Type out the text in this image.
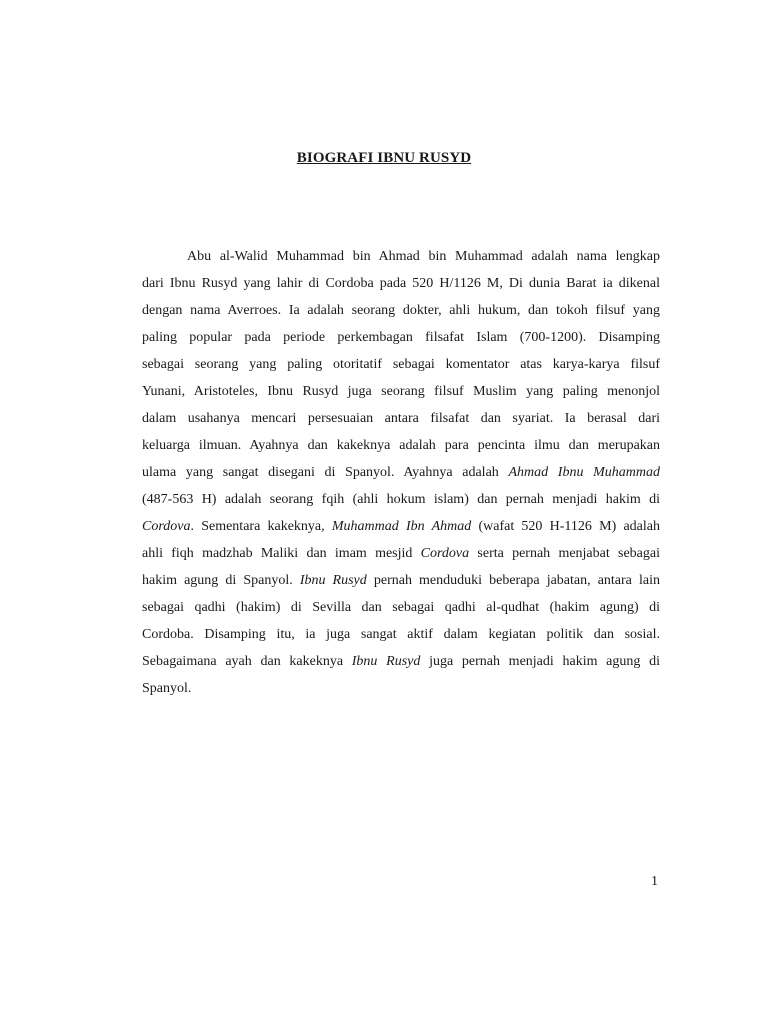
BIOGRAFI IBNU RUSYD
Abu al-Walid Muhammad bin Ahmad bin Muhammad adalah nama lengkap
dari Ibnu Rusyd yang lahir di Cordoba pada 520 H/1126 M, Di dunia Barat ia dikenal
dengan nama Averroes. Ia adalah seorang dokter, ahli hukum, dan tokoh filsuf yang
paling popular pada periode perkembagan filsafat Islam (700-1200). Disamping
sebagai seorang yang paling otoritatif sebagai komentator atas karya-karya filsuf
Yunani, Aristoteles, Ibnu Rusyd juga seorang filsuf Muslim yang paling menonjol
dalam usahanya mencari persesuaian antara filsafat dan syariat. Ia berasal dari
keluarga ilmuan. Ayahnya dan kakeknya adalah para pencinta ilmu dan merupakan
ulama yang sangat disegani di Spanyol. Ayahnya adalah Ahmad Ibnu Muhammad
(487-563 H) adalah seorang fqih (ahli hokum islam) dan pernah menjadi hakim di
Cordova. Sementara kakeknya, Muhammad Ibn Ahmad (wafat 520 H-1126 M) adalah
ahli fiqh madzhab Maliki dan imam mesjid Cordova serta pernah menjabat sebagai
hakim agung di Spanyol. Ibnu Rusyd pernah menduduki beberapa jabatan, antara lain
sebagai qadhi (hakim) di Sevilla dan sebagai qadhi al-qudhat (hakim agung) di
Cordoba. Disamping itu, ia juga sangat aktif dalam kegiatan politik dan sosial.
Sebagaimana ayah dan kakeknya Ibnu Rusyd juga pernah menjadi hakim agung di
Spanyol.
1
